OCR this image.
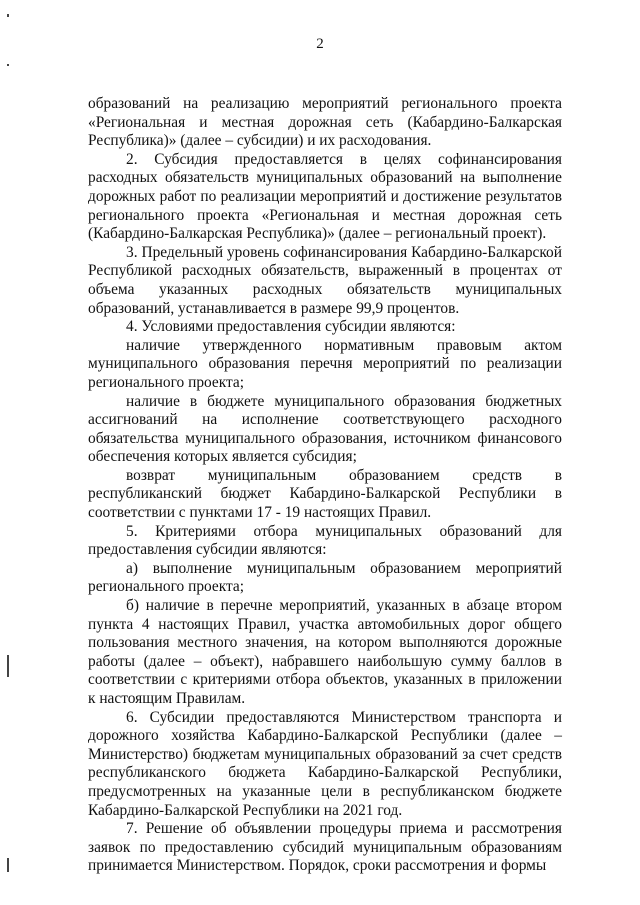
2

образований на реализацию мероприятий регионального проекта «Региональная и местная дорожная сеть (Кабардино-Балкарская Республика)» (далее – субсидии) и их расходования.

2. Субсидия предоставляется в целях софинансирования расходных обязательств муниципальных образований на выполнение дорожных работ по реализации мероприятий и достижение результатов регионального проекта «Региональная и местная дорожная сеть (Кабардино-Балкарская Республика)» (далее – региональный проект).

3. Предельный уровень софинансирования Кабардино-Балкарской Республикой расходных обязательств, выраженный в процентах от объема указанных расходных обязательств муниципальных образований, устанавливается в размере 99,9 процентов.

4. Условиями предоставления субсидии являются:

наличие утвержденного нормативным правовым актом муниципального образования перечня мероприятий по реализации регионального проекта;

наличие в бюджете муниципального образования бюджетных ассигнований на исполнение соответствующего расходного обязательства муниципального образования, источником финансового обеспечения которых является субсидия;

возврат муниципальным образованием средств в республиканский бюджет Кабардино-Балкарской Республики в соответствии с пунктами 17 - 19 настоящих Правил.

5. Критериями отбора муниципальных образований для предоставления субсидии являются:

а) выполнение муниципальным образованием мероприятий регионального проекта;

б) наличие в перечне мероприятий, указанных в абзаце втором пункта 4 настоящих Правил, участка автомобильных дорог общего пользования местного значения, на котором выполняются дорожные работы (далее – объект), набравшего наибольшую сумму баллов в соответствии с критериями отбора объектов, указанных в приложении к настоящим Правилам.

6. Субсидии предоставляются Министерством транспорта и дорожного хозяйства Кабардино-Балкарской Республики (далее – Министерство) бюджетам муниципальных образований за счет средств республиканского бюджета Кабардино-Балкарской Республики, предусмотренных на указанные цели в республиканском бюджете Кабардино-Балкарской Республики на 2021 год.

7. Решение об объявлении процедуры приема и рассмотрения заявок по предоставлению субсидий муниципальным образованиям принимается Министерством. Порядок, сроки рассмотрения и формы
